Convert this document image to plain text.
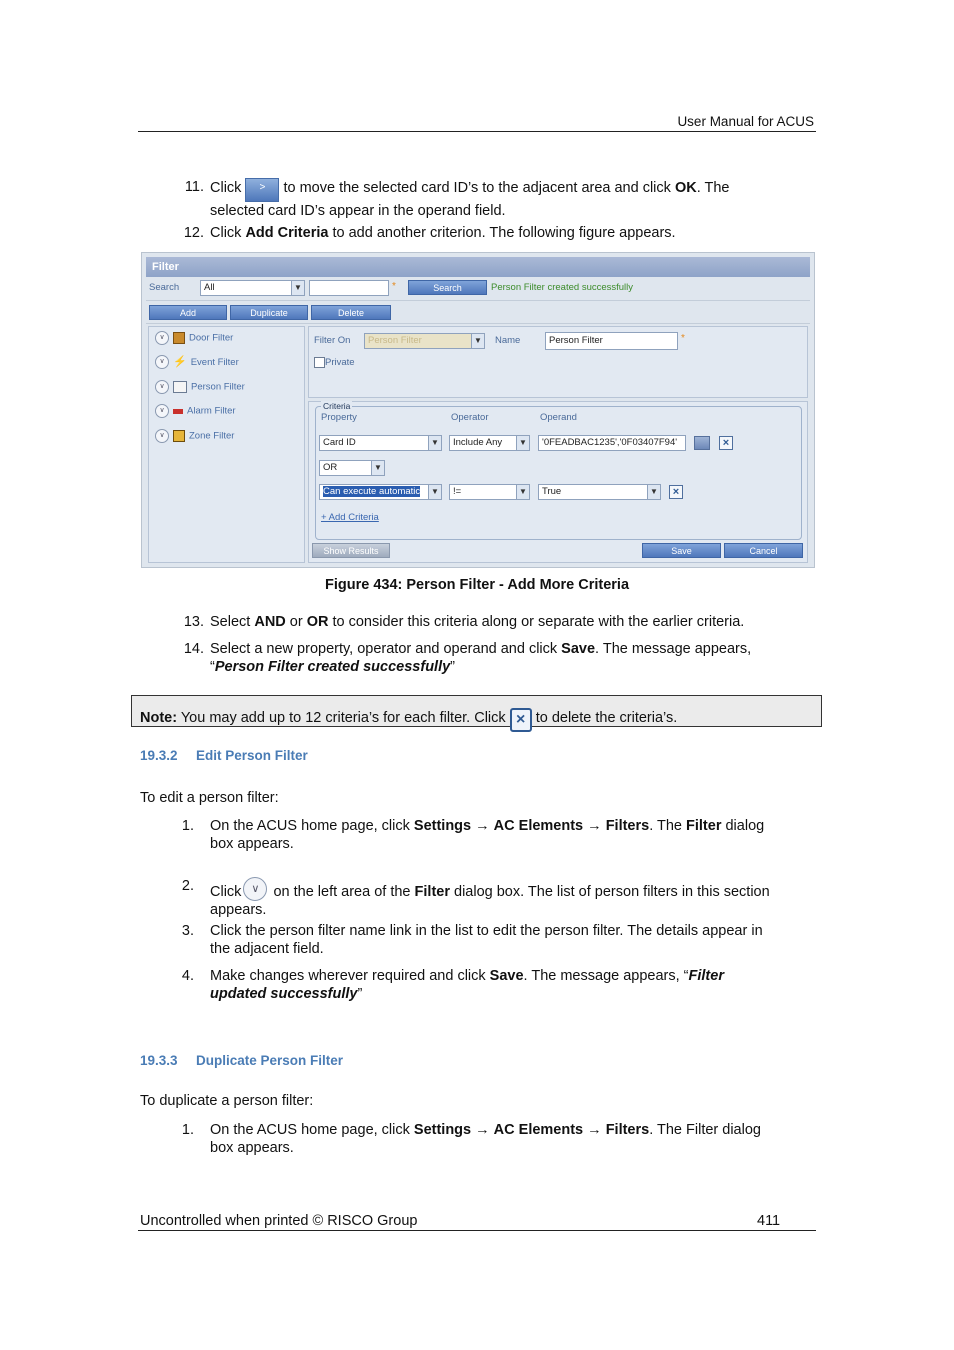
User Manual for ACUS
11. Click > to move the selected card ID’s to the adjacent area and click OK. The
selected card ID’s appear in the operand field.
12. Click Add Criteria to add another criterion. The following figure appears.
Filter
Search	All	▼	*	Search	Person Filter created successfully
Add	Duplicate	Delete
∨	Door Filter
∨ ⚡ Event Filter
∨	Person Filter
∨ Alarm Filter
∨	Zone Filter
Filter On	Person Filter	▼ Name	Person Filter	*
Private
Criteria
Property	Operator	Operand
Card ID	▼	Include Any	▼	'0FEADBAC1235','0F03407F94'	×
OR	▼
Can execute automatic	▼	!=	▼	True	▼	×
+ Add Criteria
Show Results	Save	Cancel
Figure 434: Person Filter - Add More Criteria
13. Select AND or OR to consider this criteria along or separate with the earlier criteria.
14. Select a new property, operator and operand and click Save. The message appears,
“Person Filter created successfully”
Note: You may add up to 12 criteria’s for each filter. Click × to delete the criteria’s.
19.3.2 Edit Person Filter
To edit a person filter:
1. On the ACUS home page, click Settings → AC Elements → Filters. The Filter dialog
box appears.
2. Click ∨ on the left area of the Filter dialog box. The list of person filters in this section
appears.
3. Click the person filter name link in the list to edit the person filter. The details appear in
the adjacent field.
4. Make changes wherever required and click Save. The message appears, “Filter
updated successfully”
19.3.3 Duplicate Person Filter
To duplicate a person filter:
1. On the ACUS home page, click Settings → AC Elements → Filters. The Filter dialog
box appears.
Uncontrolled when printed © RISCO Group	411
